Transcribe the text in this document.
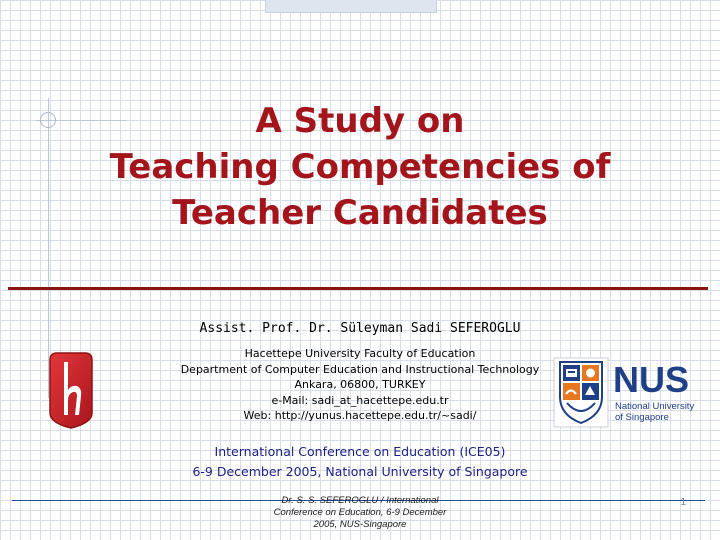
A Study on
Teaching Competencies of
Teacher Candidates
NUS
National University
of Singapore
Assist. Prof. Dr. Süleyman Sadi SEFEROGLU
Hacettepe University Faculty of Education
Department of Computer Education and Instructional Technology
Ankara, 06800, TURKEY
e-Mail: sadi_at_hacettepe.edu.tr
Web: http://yunus.hacettepe.edu.tr/~sadi/
International Conference on Education (ICE05)
6-9 December 2005, National University of Singapore
Dr. S. S. SEFEROGLU / International
Conference on Education, 6-9 December
2005, NUS-Singapore
1
